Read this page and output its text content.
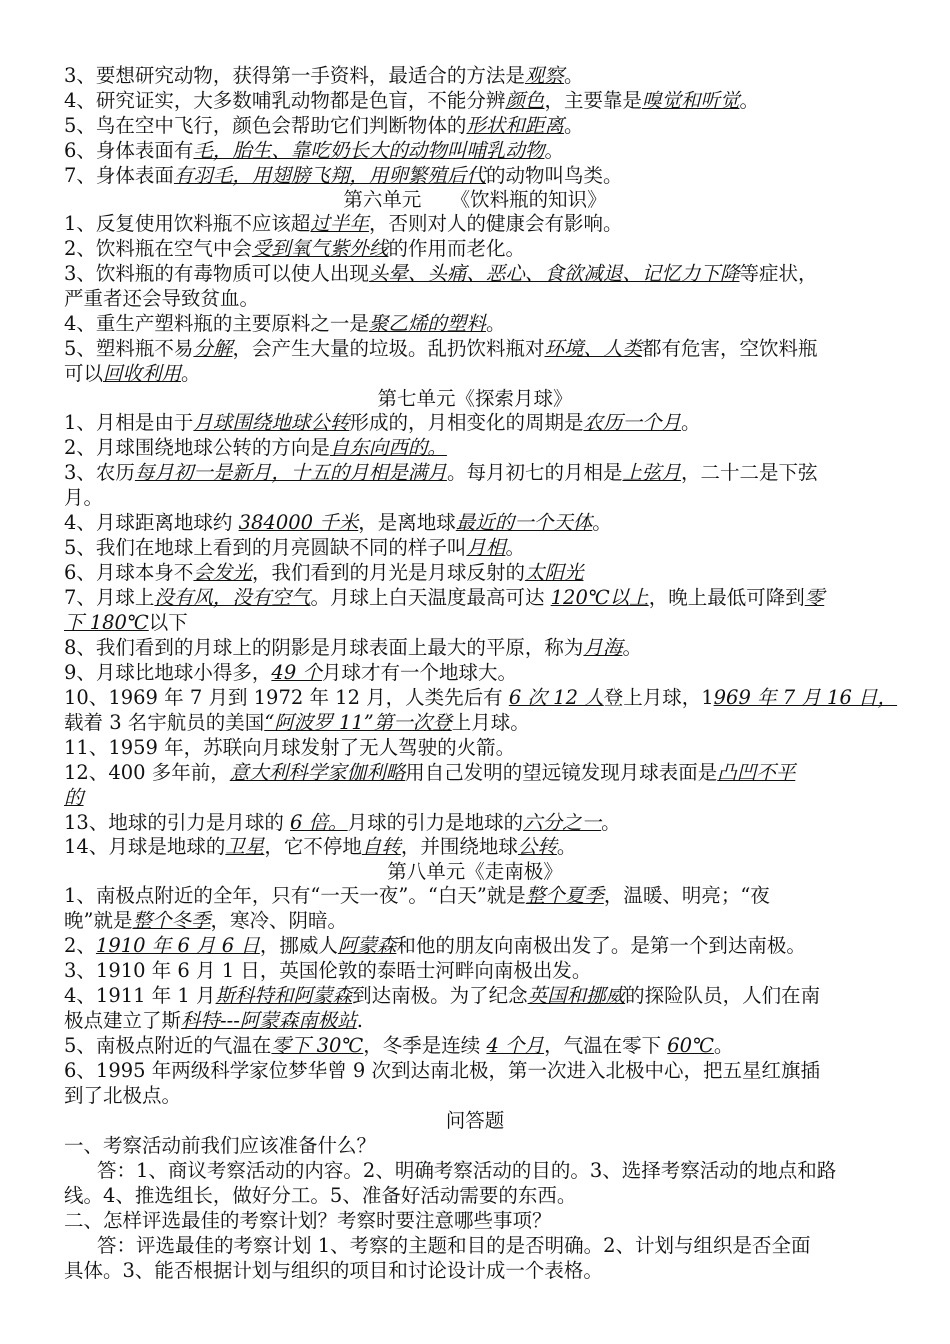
3、要想研究动物，获得第一手资料，最适合的方法是观察。
4、研究证实，大多数哺乳动物都是色盲，不能分辨颜色，主要靠是嗅觉和听觉。
5、鸟在空中飞行，颜色会帮助它们判断物体的形状和距离。
6、身体表面有毛，胎生、靠吃奶长大的动物叫哺乳动物。
7、身体表面有羽毛，用翅膀飞翔，用卵繁殖后代的动物叫鸟类。
第六单元　　《饮料瓶的知识》
1、反复使用饮料瓶不应该超过半年，否则对人的健康会有影响。
2、饮料瓶在空气中会受到氧气紫外线的作用而老化。
3、饮料瓶的有毒物质可以使人出现头晕、头痛、恶心、食欲减退、记忆力下降等症状，
严重者还会导致贫血。
4、重生产塑料瓶的主要原料之一是聚乙烯的塑料。
5、塑料瓶不易分解，会产生大量的垃圾。乱扔饮料瓶对环境、人类都有危害，空饮料瓶
可以回收利用。
第七单元《探索月球》
1、月相是由于月球围绕地球公转形成的，月相变化的周期是农历一个月。
2、月球围绕地球公转的方向是自东向西的。
3、农历每月初一是新月，十五的月相是满月。每月初七的月相是上弦月，二十二是下弦
月。
4、月球距离地球约 384000 千米，是离地球最近的一个天体。
5、我们在地球上看到的月亮圆缺不同的样子叫月相。
6、月球本身不会发光，我们看到的月光是月球反射的太阳光
7、月球上没有风，没有空气。月球上白天温度最高可达 120℃以上，晚上最低可降到零
下 180℃以下
8、我们看到的月球上的阴影是月球表面上最大的平原，称为月海。
9、月球比地球小得多，49 个月球才有一个地球大。
10、1969 年 7 月到 1972 年 12 月，人类先后有 6 次 12 人登上月球，1969 年 7 月 16 日，
载着 3 名宇航员的美国“阿波罗 11”第一次登上月球。
11、1959 年，苏联向月球发射了无人驾驶的火箭。
12、400 多年前，意大利科学家伽利略用自己发明的望远镜发现月球表面是凸凹不平
的
13、地球的引力是月球的 6 倍。月球的引力是地球的六分之一。
14、月球是地球的卫星，它不停地自转，并围绕地球公转。
第八单元《走南极》
1、南极点附近的全年，只有“一天一夜”。“白天”就是整个夏季，温暖、明亮；“夜
晚”就是整个冬季，寒冷、阴暗。
2、1910 年 6 月 6 日，挪威人阿蒙森和他的朋友向南极出发了。是第一个到达南极。
3、1910 年 6 月 1 日，英国伦敦的泰晤士河畔向南极出发。
4、1911 年 1 月斯科特和阿蒙森到达南极。为了纪念英国和挪威的探险队员，人们在南
极点建立了斯科特---阿蒙森南极站.
5、南极点附近的气温在零下 30℃，冬季是连续 4 个月，气温在零下 60℃。
6、1995 年两级科学家位梦华曾 9 次到达南北极，第一次进入北极中心，把五星红旗插
到了北极点。
问答题
一、考察活动前我们应该准备什么？
答：1、商议考察活动的内容。2、明确考察活动的目的。3、选择考察活动的地点和路
线。4、推选组长，做好分工。5、准备好活动需要的东西。
二、怎样评选最佳的考察计划？考察时要注意哪些事项？
答：评选最佳的考察计划 1、考察的主题和目的是否明确。2、计划与组织是否全面
具体。3、能否根据计划与组织的项目和讨论设计成一个表格。
